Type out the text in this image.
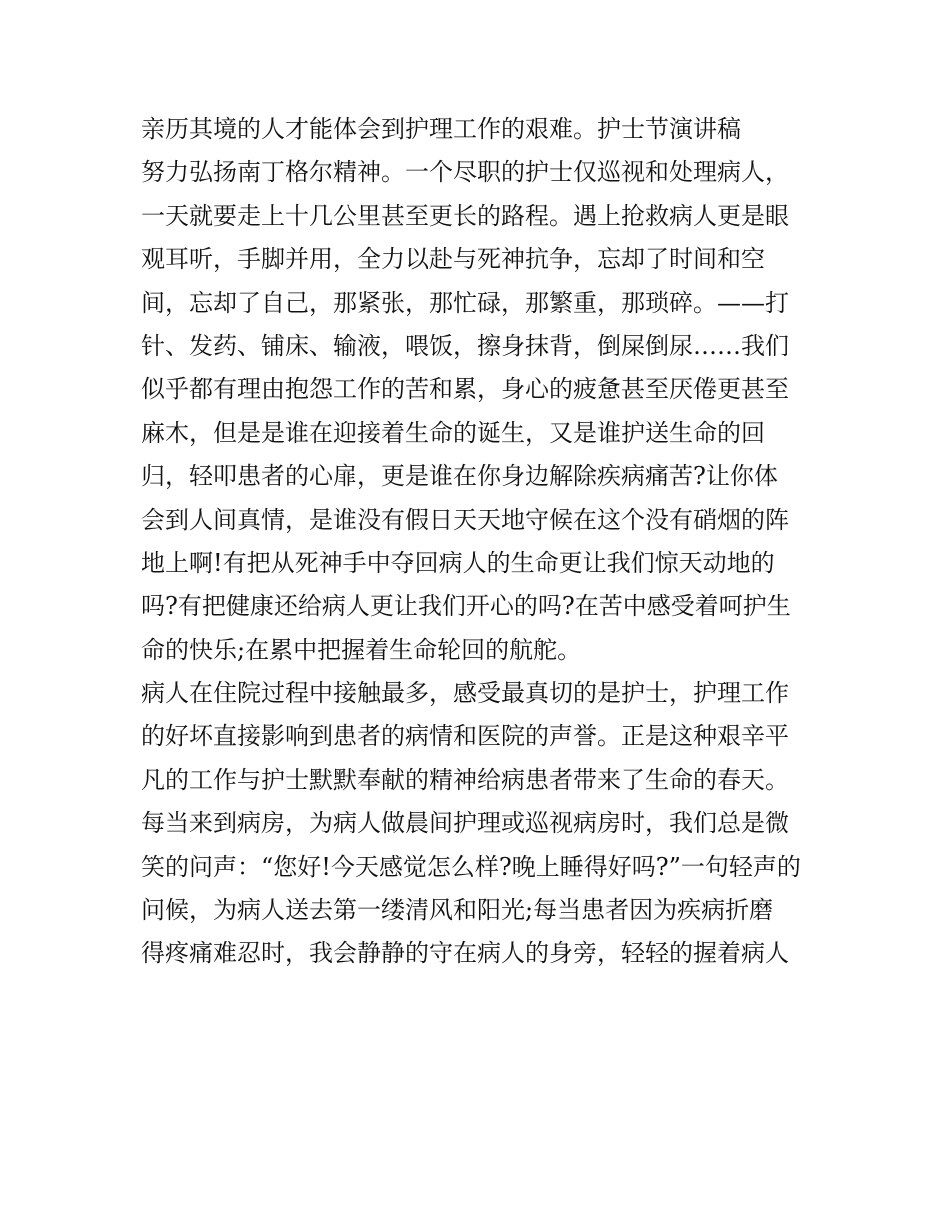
亲历其境的人才能体会到护理工作的艰难。护士节演讲稿
努力弘扬南丁格尔精神。一个尽职的护士仅巡视和处理病人，
一天就要走上十几公里甚至更长的路程。遇上抢救病人更是眼
观耳听，手脚并用，全力以赴与死神抗争，忘却了时间和空
间，忘却了自己，那紧张，那忙碌，那繁重，那琐碎。——打
针、发药、铺床、输液，喂饭，擦身抹背，倒屎倒尿……我们
似乎都有理由抱怨工作的苦和累，身心的疲惫甚至厌倦更甚至
麻木，但是是谁在迎接着生命的诞生，又是谁护送生命的回
归，轻叩患者的心扉，更是谁在你身边解除疾病痛苦?让你体
会到人间真情，是谁没有假日天天地守候在这个没有硝烟的阵
地上啊!有把从死神手中夺回病人的生命更让我们惊天动地的
吗?有把健康还给病人更让我们开心的吗?在苦中感受着呵护生
命的快乐;在累中把握着生命轮回的航舵。
病人在住院过程中接触最多，感受最真切的是护士，护理工作
的好坏直接影响到患者的病情和医院的声誉。正是这种艰辛平
凡的工作与护士默默奉献的精神给病患者带来了生命的春天。
每当来到病房，为病人做晨间护理或巡视病房时，我们总是微
笑的问声：“您好!今天感觉怎么样?晚上睡得好吗?”一句轻声的
问候，为病人送去第一缕清风和阳光;每当患者因为疾病折磨
得疼痛难忍时，我会静静的守在病人的身旁，轻轻的握着病人
